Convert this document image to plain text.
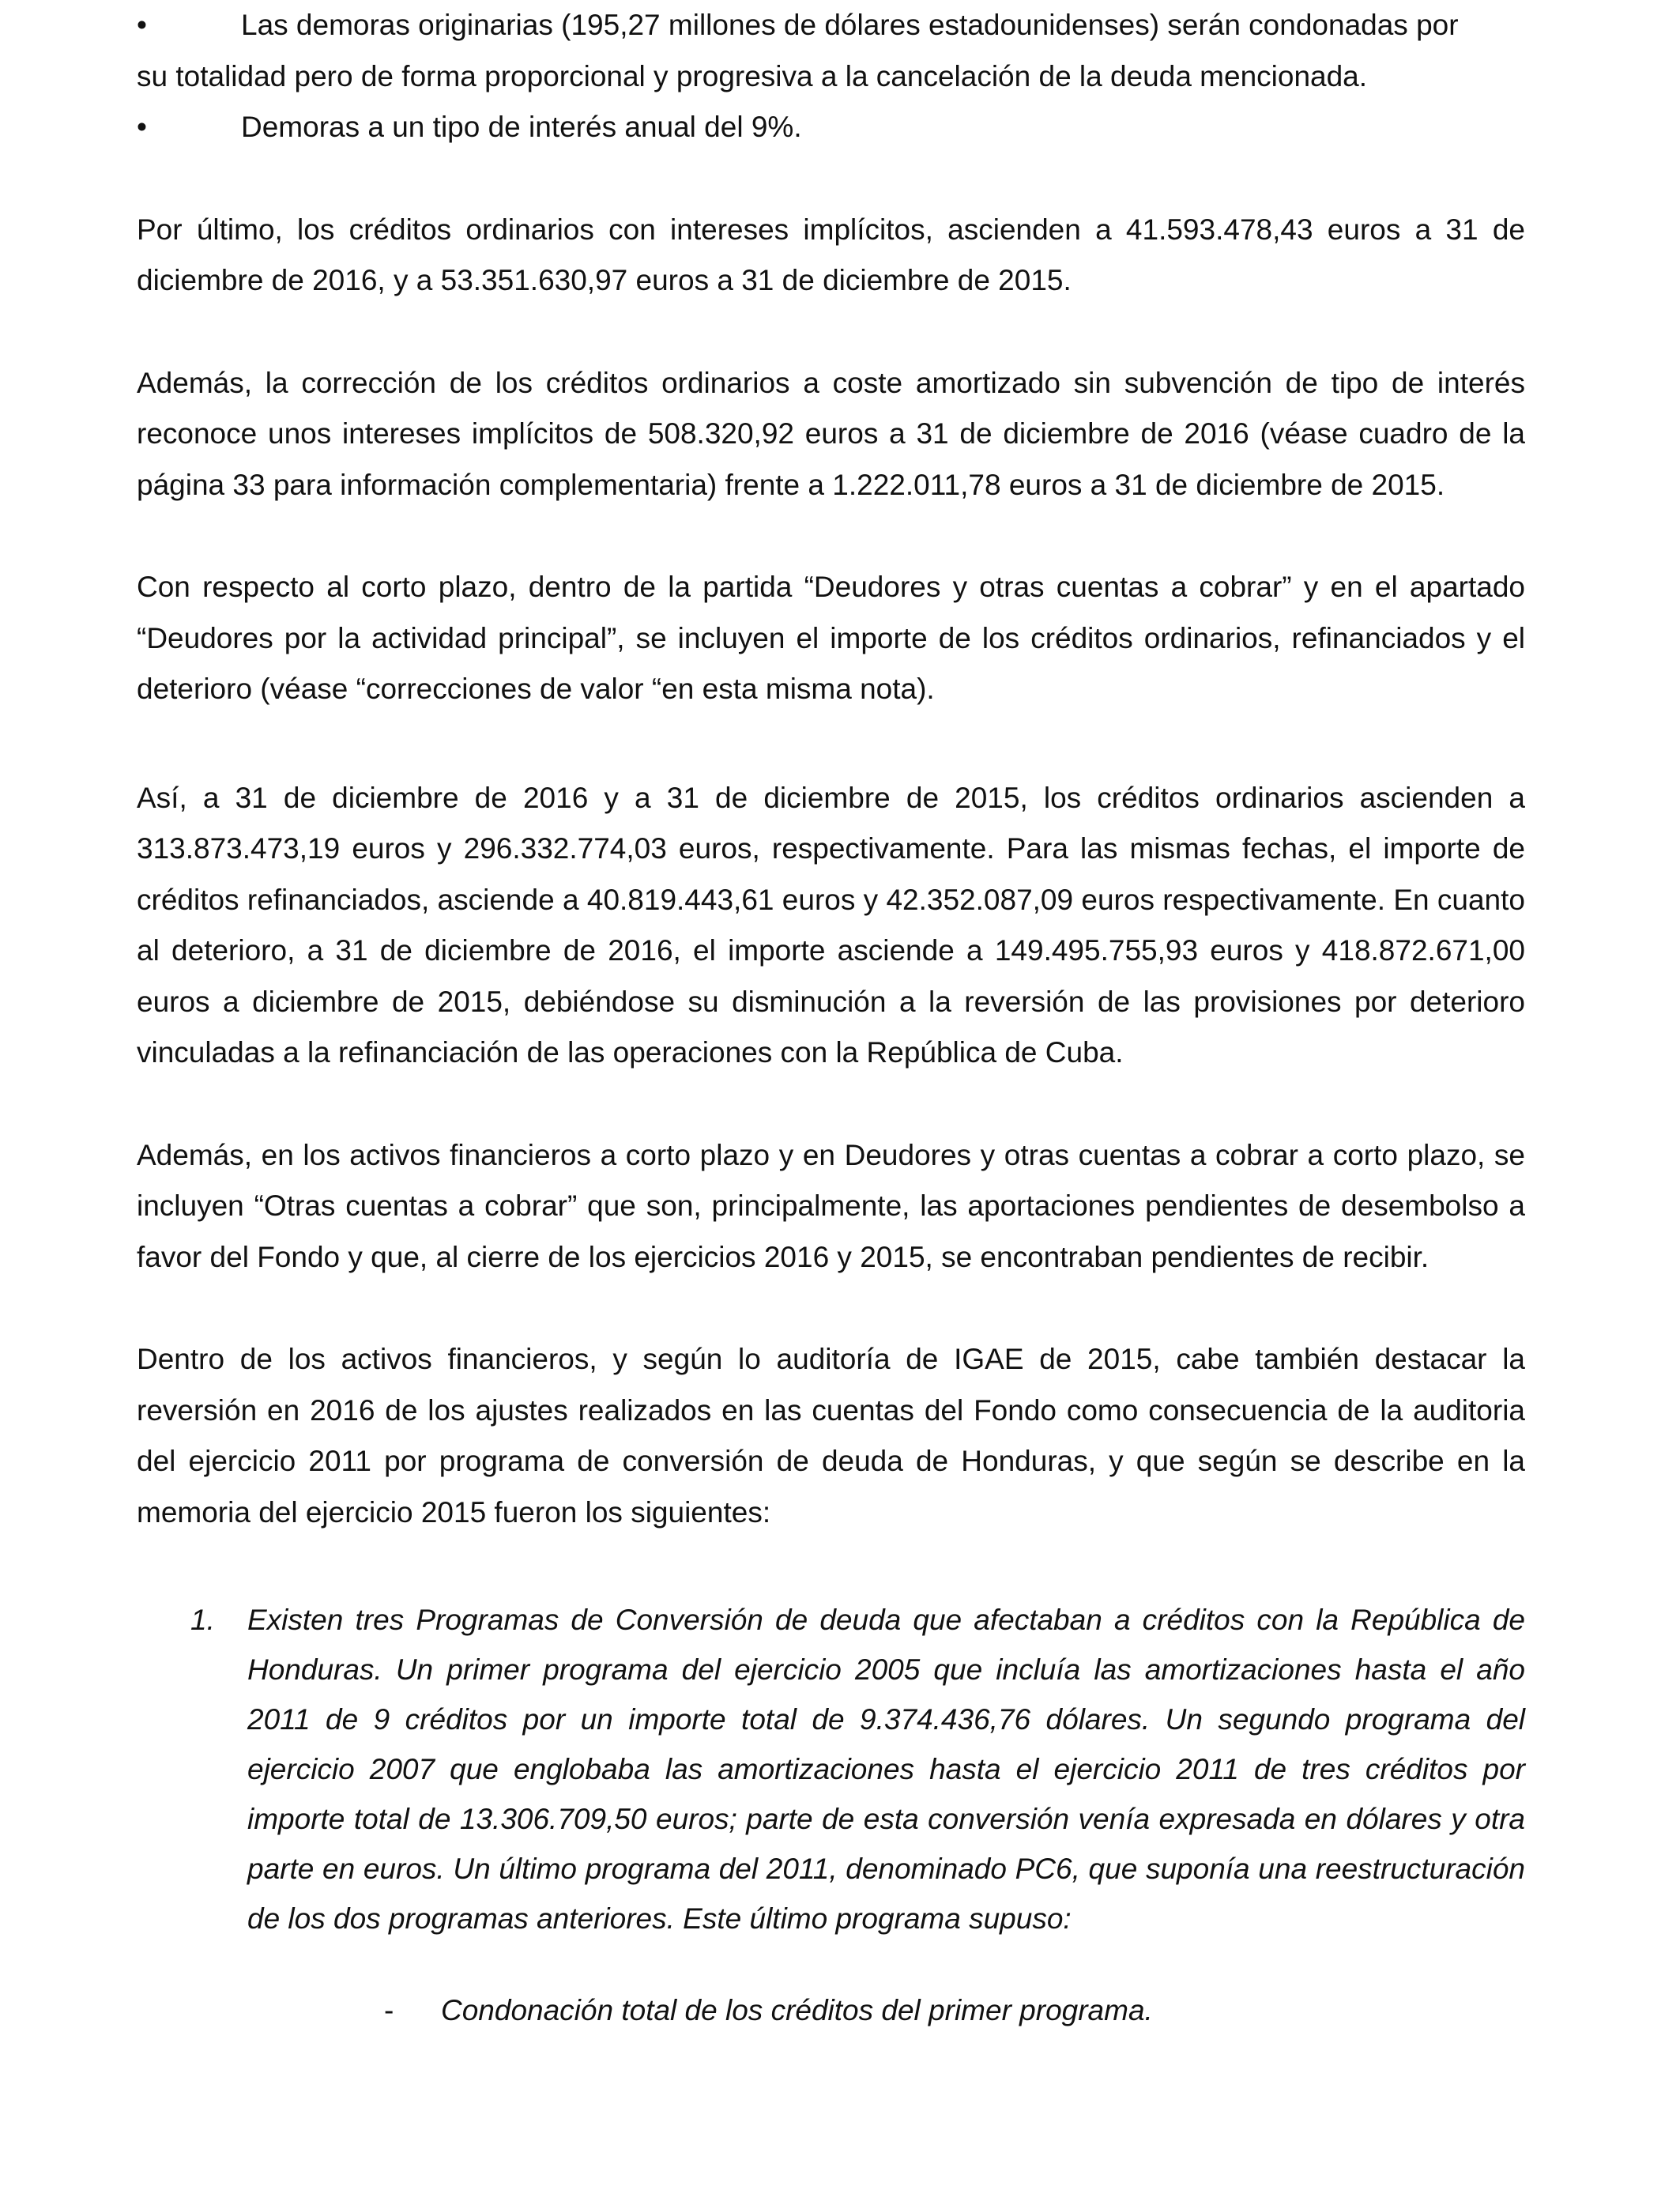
•	Las demoras originarias (195,27 millones de dólares estadounidenses) serán condonadas por
su totalidad pero de forma proporcional y progresiva a la cancelación de la deuda mencionada.
•	Demoras a un tipo de interés anual del 9%.

Por último, los créditos ordinarios con intereses implícitos, ascienden a 41.593.478,43 euros a 31 de diciembre de 2016, y a 53.351.630,97 euros a 31 de diciembre de 2015.

Además, la corrección de los créditos ordinarios a coste amortizado sin subvención de tipo de interés reconoce unos intereses implícitos de 508.320,92 euros a 31 de diciembre de 2016 (véase cuadro de la página 33 para información complementaria) frente a 1.222.011,78 euros a 31 de diciembre de 2015.

Con respecto al corto plazo, dentro de la partida “Deudores y otras cuentas a cobrar” y en el apartado “Deudores por la actividad principal”, se incluyen el importe de los créditos ordinarios, refinanciados y el deterioro (véase “correcciones de valor “en esta misma nota).

Así, a 31 de diciembre de 2016 y a 31 de diciembre de 2015, los créditos ordinarios ascienden a 313.873.473,19 euros y 296.332.774,03 euros, respectivamente. Para las mismas fechas, el importe de créditos refinanciados, asciende a 40.819.443,61 euros y 42.352.087,09 euros respectivamente. En cuanto al deterioro, a 31 de diciembre de 2016, el importe asciende a 149.495.755,93 euros y 418.872.671,00 euros a diciembre de 2015, debiéndose su disminución a la reversión de las provisiones por deterioro vinculadas a la refinanciación de las operaciones con la República de Cuba.

Además, en los activos financieros a corto plazo y en Deudores y otras cuentas a cobrar a corto plazo, se incluyen “Otras cuentas a cobrar” que son, principalmente, las aportaciones pendientes de desembolso a favor del Fondo y que, al cierre de los ejercicios 2016 y 2015, se encontraban pendientes de recibir.

Dentro de los activos financieros, y según lo auditoría de IGAE de 2015, cabe también destacar la reversión en 2016 de los ajustes realizados en las cuentas del Fondo como consecuencia de la auditoria del ejercicio 2011 por programa de conversión de deuda de Honduras, y que según se describe en la memoria del ejercicio 2015 fueron los siguientes:

1. Existen tres Programas de Conversión de deuda que afectaban a créditos con la República de Honduras. Un primer programa del ejercicio 2005 que incluía las amortizaciones hasta el año 2011 de 9 créditos por un importe total de 9.374.436,76 dólares. Un segundo programa del ejercicio 2007 que englobaba las amortizaciones hasta el ejercicio 2011 de tres créditos por importe total de 13.306.709,50 euros; parte de esta conversión venía expresada en dólares y otra parte en euros. Un último programa del 2011, denominado PC6, que suponía una reestructuración de los dos programas anteriores. Este último programa supuso:
- Condonación total de los créditos del primer programa.
